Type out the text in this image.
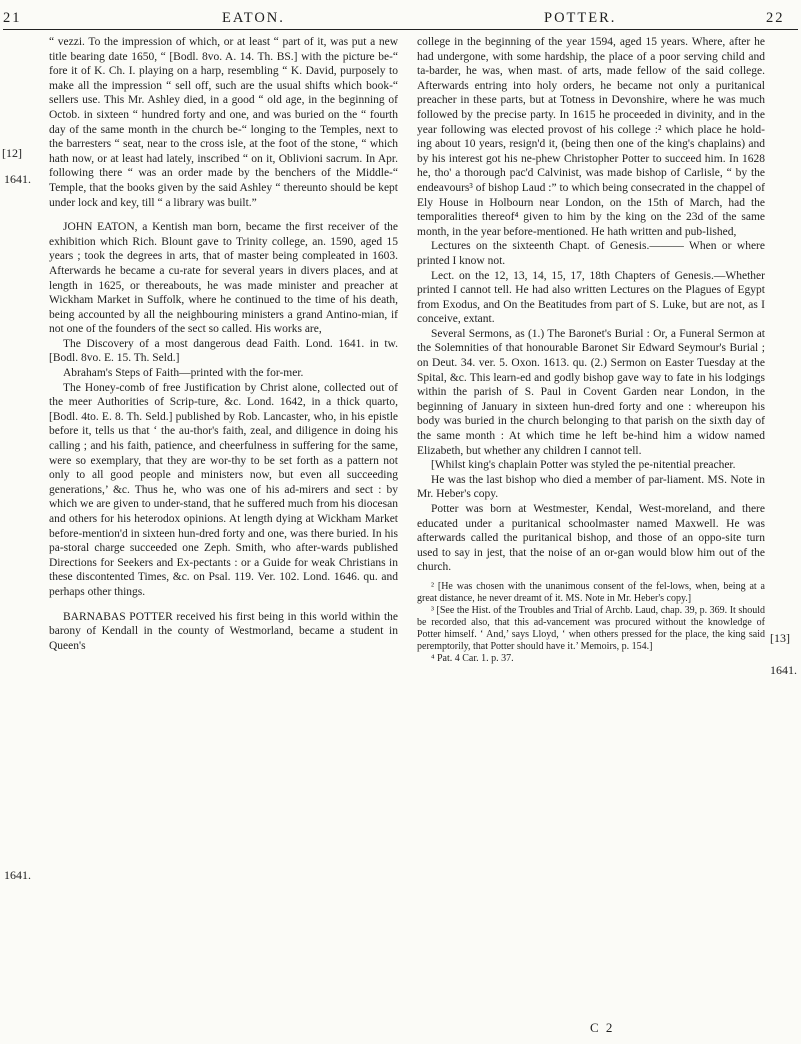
21	EATON.	POTTER.	22
[12]
1641.
1641.
[13]
1641.

“ vezzi. To the impression of which, or at least “ part of it, was put a new title bearing date 1650, “ [Bodl. 8vo. A. 14. Th. BS.] with the picture be-“ fore it of K. Ch. I. playing on a harp, resembling “ K. David, purposely to make all the impression “ sell off, such are the usual shifts which book-“ sellers use. This Mr. Ashley died, in a good “ old age, in the beginning of Octob. in sixteen “ hundred forty and one, and was buried on the “ fourth day of the same month in the church be-“ longing to the Temples, next to the barresters “ seat, near to the cross isle, at the foot of the stone, “ which hath now, or at least had lately, inscribed “ on it, Oblivioni sacrum. In Apr. following there “ was an order made by the benchers of the Middle-“ Temple, that the books given by the said Ashley “ thereunto should be kept under lock and key, till “ a library was built.”

JOHN EATON, a Kentish man born, became the first receiver of the exhibition which Rich. Blount gave to Trinity college, an. 1590, aged 15 years ; took the degrees in arts, that of master being compleated in 1603. Afterwards he became a cu-rate for several years in divers places, and at length in 1625, or thereabouts, he was made minister and preacher at Wickham Market in Suffolk, where he continued to the time of his death, being accounted by all the neighbouring ministers a grand Antino-mian, if not one of the founders of the sect so called. His works are,

The Discovery of a most dangerous dead Faith. Lond. 1641. in tw. [Bodl. 8vo. E. 15. Th. Seld.]

Abraham's Steps of Faith—printed with the for-mer.

The Honey-comb of free Justification by Christ alone, collected out of the meer Authorities of Scrip-ture, &c. Lond. 1642, in a thick quarto, [Bodl. 4to. E. 8. Th. Seld.] published by Rob. Lancaster, who, in his epistle before it, tells us that ‘ the au-thor's faith, zeal, and diligence in doing his calling ; and his faith, patience, and cheerfulness in suffering for the same, were so exemplary, that they are wor-thy to be set forth as a pattern not only to all good people and ministers now, but even all succeeding generations,’ &c. Thus he, who was one of his ad-mirers and sect : by which we are given to under-stand, that he suffered much from his diocesan and others for his heterodox opinions. At length dying at Wickham Market before-mention'd in sixteen hun-dred forty and one, was there buried. In his pa-storal charge succeeded one Zeph. Smith, who after-wards published Directions for Seekers and Ex-pectants : or a Guide for weak Christians in these discontented Times, &c. on Psal. 119. Ver. 102. Lond. 1646. qu. and perhaps other things.

BARNABAS POTTER received his first being in this world within the barony of Kendall in the county of Westmorland, became a student in Queen's

college in the beginning of the year 1594, aged 15 years. Where, after he had undergone, with some hardship, the place of a poor serving child and ta-barder, he was, when mast. of arts, made fellow of the said college. Afterwards entring into holy orders, he became not only a puritanical preacher in these parts, but at Totness in Devonshire, where he was much followed by the precise party. In 1615 he proceeded in divinity, and in the year following was elected provost of his college :² which place he hold-ing about 10 years, resign'd it, (being then one of the king's chaplains) and by his interest got his ne-phew Christopher Potter to succeed him. In 1628 he, tho' a thorough pac'd Calvinist, was made bishop of Carlisle, “ by the endeavours³ of bishop Laud :” to which being consecrated in the chappel of Ely House in Holbourn near London, on the 15th of March, had the temporalities thereof⁴ given to him by the king on the 23d of the same month, in the year before-mentioned. He hath written and pub-lished,

Lectures on the sixteenth Chapt. of Genesis.——— When or where printed I know not.

Lect. on the 12, 13, 14, 15, 17, 18th Chapters of Genesis.—Whether printed I cannot tell. He had also written Lectures on the Plagues of Egypt from Exodus, and On the Beatitudes from part of S. Luke, but are not, as I conceive, extant.

Several Sermons, as (1.) The Baronet's Burial : Or, a Funeral Sermon at the Solemnities of that honourable Baronet Sir Edward Seymour's Burial ; on Deut. 34. ver. 5. Oxon. 1613. qu. (2.) Sermon on Easter Tuesday at the Spital, &c. This learn-ed and godly bishop gave way to fate in his lodgings within the parish of S. Paul in Covent Garden near London, in the beginning of January in sixteen hun-dred forty and one : whereupon his body was buried in the church belonging to that parish on the sixth day of the same month : At which time he left be-hind him a widow named Elizabeth, but whether any children I cannot tell.

[Whilst king's chaplain Potter was styled the pe-nitential preacher.

He was the last bishop who died a member of par-liament. MS. Note in Mr. Heber's copy.

Potter was born at Westmester, Kendal, West-moreland, and there educated under a puritanical schoolmaster named Maxwell. He was afterwards called the puritanical bishop, and those of an oppo-site turn used to say in jest, that the noise of an or-gan would blow him out of the church.

² [He was chosen with the unanimous consent of the fel-lows, when, being at a great distance, he never dreamt of it. MS. Note in Mr. Heber's copy.]

³ [See the Hist. of the Troubles and Trial of Archb. Laud, chap. 39, p. 369. It should be recorded also, that this ad-vancement was procured without the knowledge of Potter himself. ‘ And,’ says Lloyd, ‘ when others pressed for the place, the king said peremptorily, that Potter should have it.’ Memoirs, p. 154.]

⁴ Pat. 4 Car. 1. p. 37.

C 2
